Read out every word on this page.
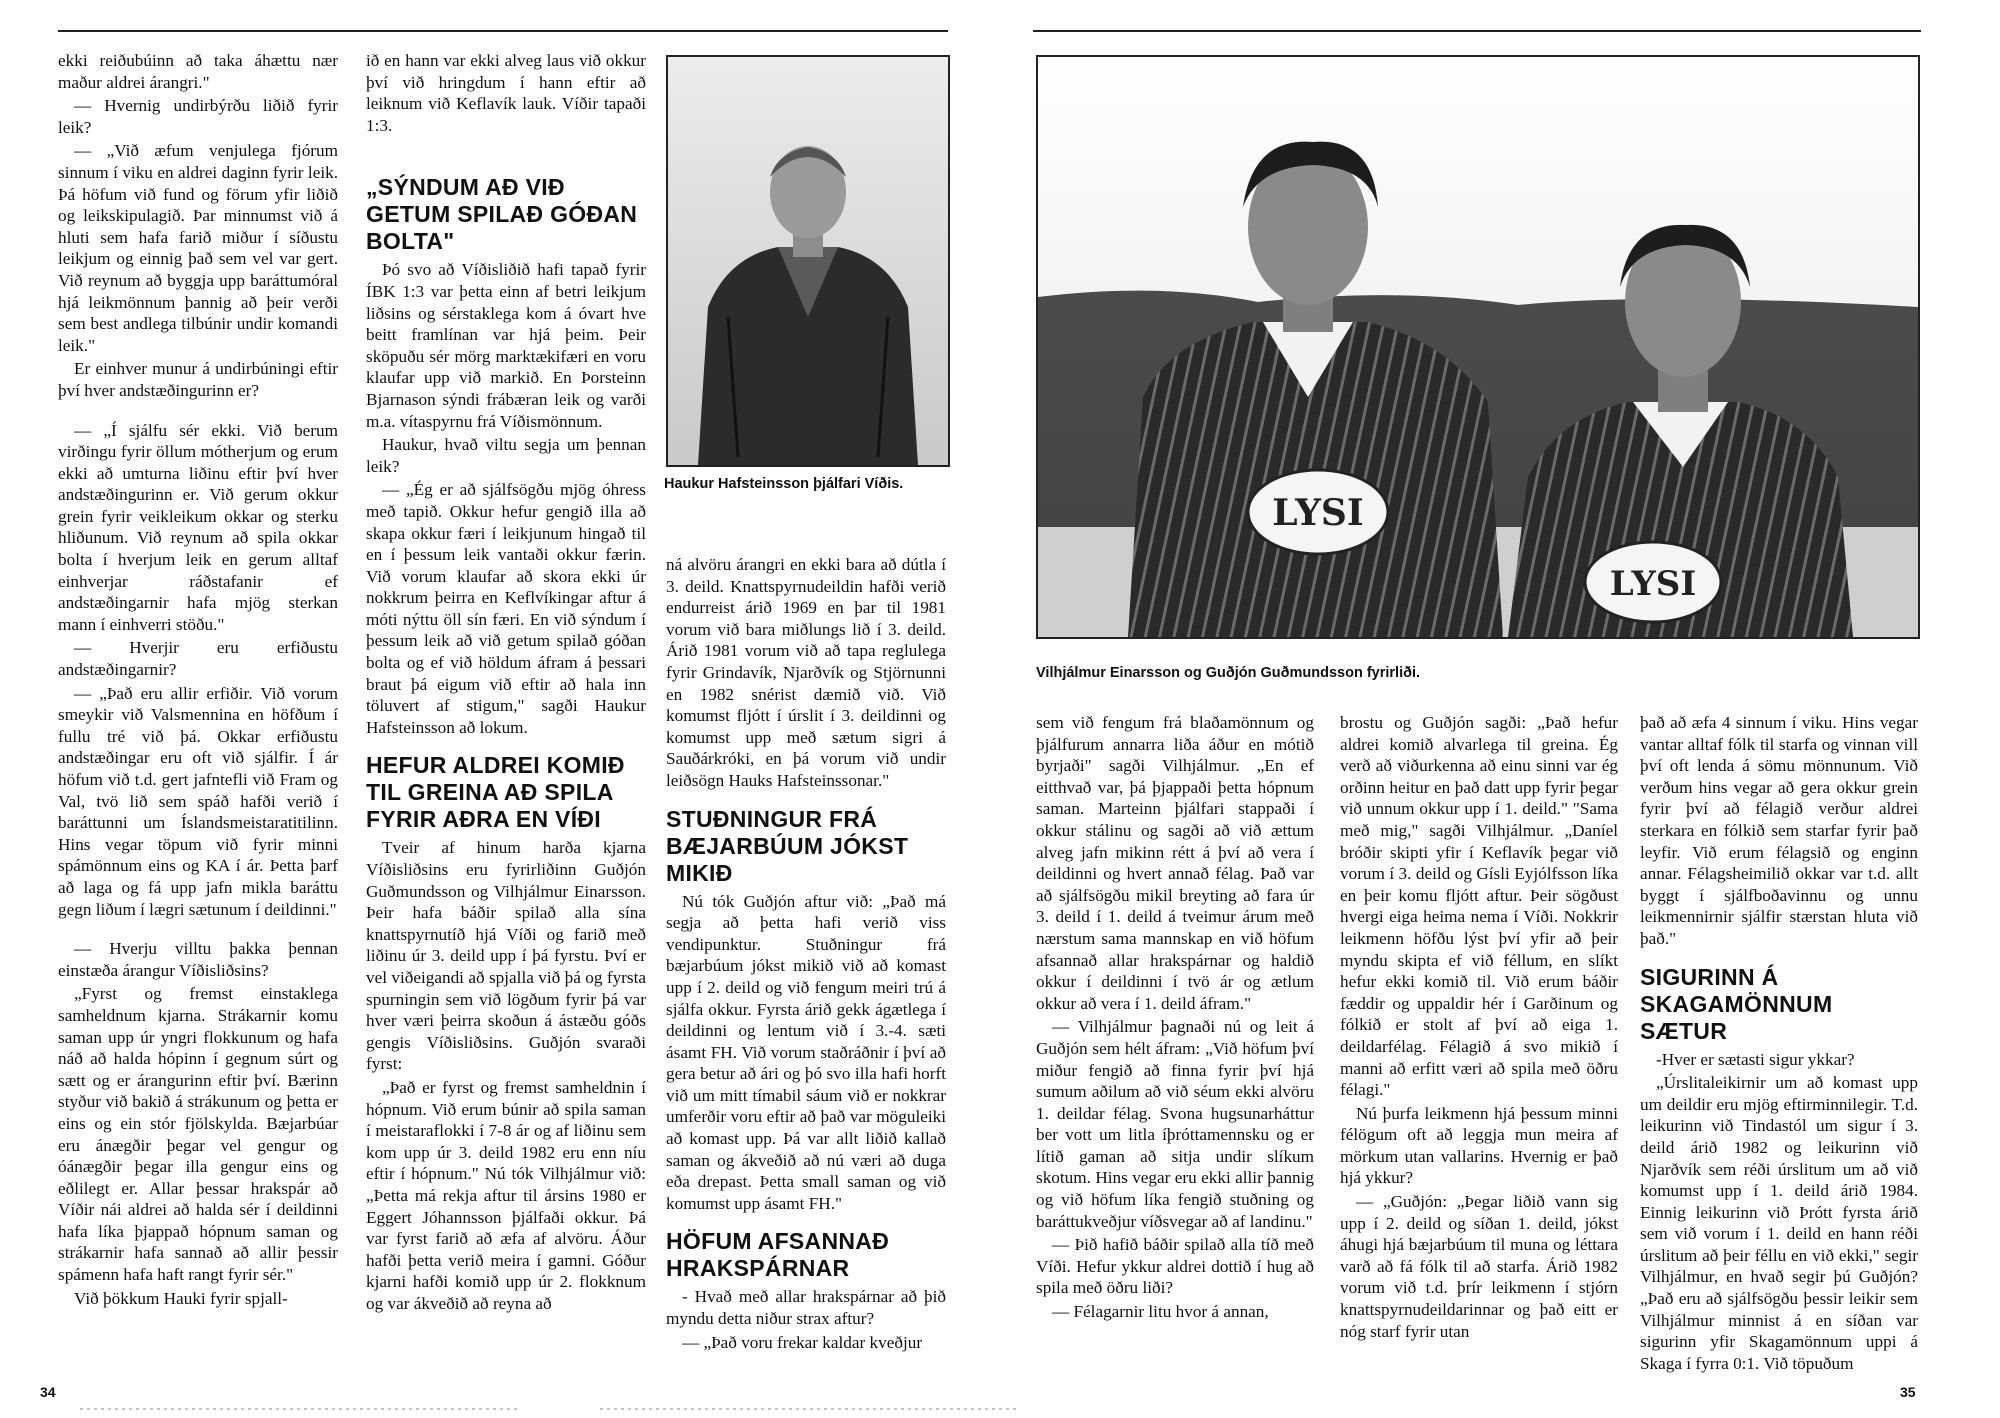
ekki reiðubúinn að taka áhættu nær maður aldrei árangri."

— Hvernig undirbýrðu liðið fyrir leik?

— „Við æfum venjulega fjórum sinnum í viku en aldrei daginn fyrir leik. Þá höfum við fund og förum yfir liðið og leikskipulagið. Þar minnumst við á hluti sem hafa farið miður í síðustu leikjum og einnig það sem vel var gert. Við reynum að byggja upp baráttumóral hjá leikmönnum þannig að þeir verði sem best andlega tilbúnir undir komandi leik."

Er einhver munur á undirbúningi eftir því hver andstæðingurinn er?

— „Í sjálfu sér ekki. Við berum virðingu fyrir öllum mótherjum og erum ekki að umturna liðinu eftir því hver andstæðingurinn er. Við gerum okkur grein fyrir veikleikum okkar og sterku hliðunum. Við reynum að spila okkar bolta í hverjum leik en gerum alltaf einhverjar ráðstafanir ef andstæðingarnir hafa mjög sterkan mann í einhverri stöðu."

— Hverjir eru erfiðustu andstæðingarnir?

— „Það eru allir erfiðir. Við vorum smeykir við Valsmennina en höfðum í fullu tré við þá. Okkar erfiðustu andstæðingar eru oft við sjálfir. Í ár höfum við t.d. gert jafntefli við Fram og Val, tvö lið sem spáð hafði verið í baráttunni um Íslandsmeistaratitilinn. Hins vegar töpum við fyrir minni spámönnum eins og KA í ár. Þetta þarf að laga og fá upp jafn mikla baráttu gegn liðum í lægri sætunum í deildinni."

— Hverju villtu þakka þennan einstæða árangur Víðisliðsins?

„Fyrst og fremst einstaklega samheldnum kjarna. Strákarnir komu saman upp úr yngri flokkunum og hafa náð að halda hópinn í gegnum súrt og sætt og er árangurinn eftir því. Bærinn styður við bakið á strákunum og þetta er eins og ein stór fjölskylda. Bæjarbúar eru ánægðir þegar vel gengur og óánægðir þegar illa gengur eins og eðlilegt er. Allar þessar hrakspár að Víðir nái aldrei að halda sér í deildinni hafa líka þjappað hópnum saman og strákarnir hafa sannað að allir þessir spámenn hafa haft rangt fyrir sér."

Við þökkum Hauki fyrir spjall-

ið en hann var ekki alveg laus við okkur því við hringdum í hann eftir að leiknum við Keflavík lauk. Víðir tapaði 1:3.

„SÝNDUM AÐ VIÐ GETUM SPILAÐ GÓÐAN BOLTA"

Þó svo að Víðisliðið hafi tapað fyrir ÍBK 1:3 var þetta einn af betri leikjum liðsins og sérstaklega kom á óvart hve beitt framlínan var hjá þeim. Þeir sköpuðu sér mörg marktækifæri en voru klaufar upp við markið. En Þorsteinn Bjarnason sýndi frábæran leik og varði m.a. vítaspyrnu frá Víðismönnum.

Haukur, hvað viltu segja um þennan leik?

— „Ég er að sjálfsögðu mjög óhress með tapið. Okkur hefur gengið illa að skapa okkur færi í leikjunum hingað til en í þessum leik vantaði okkur færin. Við vorum klaufar að skora ekki úr nokkrum þeirra en Keflvíkingar aftur á móti nýttu öll sín færi. En við sýndum í þessum leik að við getum spilað góðan bolta og ef við höldum áfram á þessari braut þá eigum við eftir að hala inn töluvert af stigum," sagði Haukur Hafsteinsson að lokum.

HEFUR ALDREI KOMIÐ TIL GREINA AÐ SPILA FYRIR AÐRA EN VÍÐI

Tveir af hinum harða kjarna Víðisliðsins eru fyrirliðinn Guðjón Guðmundsson og Vilhjálmur Einarsson. Þeir hafa báðir spilað alla sína knattspyrnutíð hjá Víði og farið með liðinu úr 3. deild upp í þá fyrstu. Því er vel viðeigandi að spjalla við þá og fyrsta spurningin sem við lögðum fyrir þá var hver væri þeirra skoðun á ástæðu góðs gengis Víðisliðsins. Guðjón svaraði fyrst:

„Það er fyrst og fremst samheldnin í hópnum. Við erum búnir að spila saman í meistaraflokki í 7-8 ár og af liðinu sem kom upp úr 3. deild 1982 eru enn níu eftir í hópnum." Nú tók Vilhjálmur við: „Þetta má rekja aftur til ársins 1980 er Eggert Jóhannsson þjálfaði okkur. Þá var fyrst farið að æfa af alvöru. Áður hafði þetta verið meira í gamni. Góður kjarni hafði komið upp úr 2. flokknum og var ákveðið að reyna að

Haukur Hafsteinsson þjálfari Víðis.

ná alvöru árangri en ekki bara að dútla í 3. deild. Knattspyrnudeildin hafði verið endurreist árið 1969 en þar til 1981 vorum við bara miðlungs lið í 3. deild. Árið 1981 vorum við að tapa reglulega fyrir Grindavík, Njarðvík og Stjörnunni en 1982 snérist dæmið við. Við komumst fljótt í úrslit í 3. deildinni og komumst upp með sætum sigri á Sauðárkróki, en þá vorum við undir leiðsögn Hauks Hafsteinssonar."

STUÐNINGUR FRÁ BÆJARBÚUM JÓKST MIKIÐ

Nú tók Guðjón aftur við: „Það má segja að þetta hafi verið viss vendipunktur. Stuðningur frá bæjarbúum jókst mikið við að komast upp í 2. deild og við fengum meiri trú á sjálfa okkur. Fyrsta árið gekk ágætlega í deildinni og lentum við í 3.-4. sæti ásamt FH. Við vorum staðráðnir í því að gera betur að ári og þó svo illa hafi horft við um mitt tímabil sáum við er nokkrar umferðir voru eftir að það var möguleiki að komast upp. Þá var allt liðið kallað saman og ákveðið að nú væri að duga eða drepast. Þetta small saman og við komumst upp ásamt FH."

HÖFUM AFSANNAÐ HRAKSPÁRNAR

- Hvað með allar hrakspárnar að þið myndu detta niður strax aftur?

— „Það voru frekar kaldar kveðjur

34
LYSI
LYSI
Vilhjálmur Einarsson og Guðjón Guðmundsson fyrirliði.

sem við fengum frá blaðamönnum og þjálfurum annarra liða áður en mótið byrjaði" sagði Vilhjálmur. „En ef eitthvað var, þá þjappaði þetta hópnum saman. Marteinn þjálfari stappaði í okkur stálinu og sagði að við ættum alveg jafn mikinn rétt á því að vera í deildinni og hvert annað félag. Það var að sjálfsögðu mikil breyting að fara úr 3. deild í 1. deild á tveimur árum með nærstum sama mannskap en við höfum afsannað allar hrakspárnar og haldið okkur í deildinni í tvö ár og ætlum okkur að vera í 1. deild áfram."

— Vilhjálmur þagnaði nú og leit á Guðjón sem hélt áfram: „Við höfum því miður fengið að finna fyrir því hjá sumum aðilum að við séum ekki alvöru 1. deildar félag. Svona hugsunarháttur ber vott um litla íþróttamennsku og er lítið gaman að sitja undir slíkum skotum. Hins vegar eru ekki allir þannig og við höfum líka fengið stuðning og baráttukveðjur víðsvegar að af landinu."

— Þið hafið báðir spilað alla tíð með Víði. Hefur ykkur aldrei dottið í hug að spila með öðru liði?

— Félagarnir litu hvor á annan,

brostu og Guðjón sagði: „Það hefur aldrei komið alvarlega til greina. Ég verð að viðurkenna að einu sinni var ég orðinn heitur en það datt upp fyrir þegar við unnum okkur upp í 1. deild." "Sama með mig," sagði Vilhjálmur. „Daníel bróðir skipti yfir í Keflavík þegar við vorum í 3. deild og Gísli Eyjólfsson líka en þeir komu fljótt aftur. Þeir sögðust hvergi eiga heima nema í Víði. Nokkrir leikmenn höfðu lýst því yfir að þeir myndu skipta ef við féllum, en slíkt hefur ekki komið til. Við erum báðir fæddir og uppaldir hér í Garðinum og fólkið er stolt af því að eiga 1. deildarfélag. Félagið á svo mikið í manni að erfitt væri að spila með öðru félagi."

Nú þurfa leikmenn hjá þessum minni félögum oft að leggja mun meira af mörkum utan vallarins. Hvernig er það hjá ykkur?

— „Guðjón: „Þegar liðið vann sig upp í 2. deild og síðan 1. deild, jókst áhugi hjá bæjarbúum til muna og léttara varð að fá fólk til að starfa. Árið 1982 vorum við t.d. þrír leikmenn í stjórn knattspyrnudeildarinnar og það eitt er nóg starf fyrir utan

það að æfa 4 sinnum í viku. Hins vegar vantar alltaf fólk til starfa og vinnan vill því oft lenda á sömu mönnunum. Við verðum hins vegar að gera okkur grein fyrir því að félagið verður aldrei sterkara en fólkið sem starfar fyrir það leyfir. Við erum félagsið og enginn annar. Félagsheimilið okkar var t.d. allt byggt í sjálfboðavinnu og unnu leikmennirnir sjálfir stærstan hluta við það."

SIGURINN Á SKAGAMÖNNUM SÆTUR

-Hver er sætasti sigur ykkar?

„Úrslitaleikirnir um að komast upp um deildir eru mjög eftirminnilegir. T.d. leikurinn við Tindastól um sigur í 3. deild árið 1982 og leikurinn við Njarðvík sem réði úrslitum um að við komumst upp í 1. deild árið 1984. Einnig leikurinn við Þrótt fyrsta árið sem við vorum í 1. deild en hann réði úrslitum að þeir féllu en við ekki," segir Vilhjálmur, en hvað segir þú Guðjón? „Það eru að sjálfsögðu þessir leikir sem Vilhjálmur minnist á en síðan var sigurinn yfir Skagamönnum uppi á Skaga í fyrra 0:1. Við töpuðum

35
